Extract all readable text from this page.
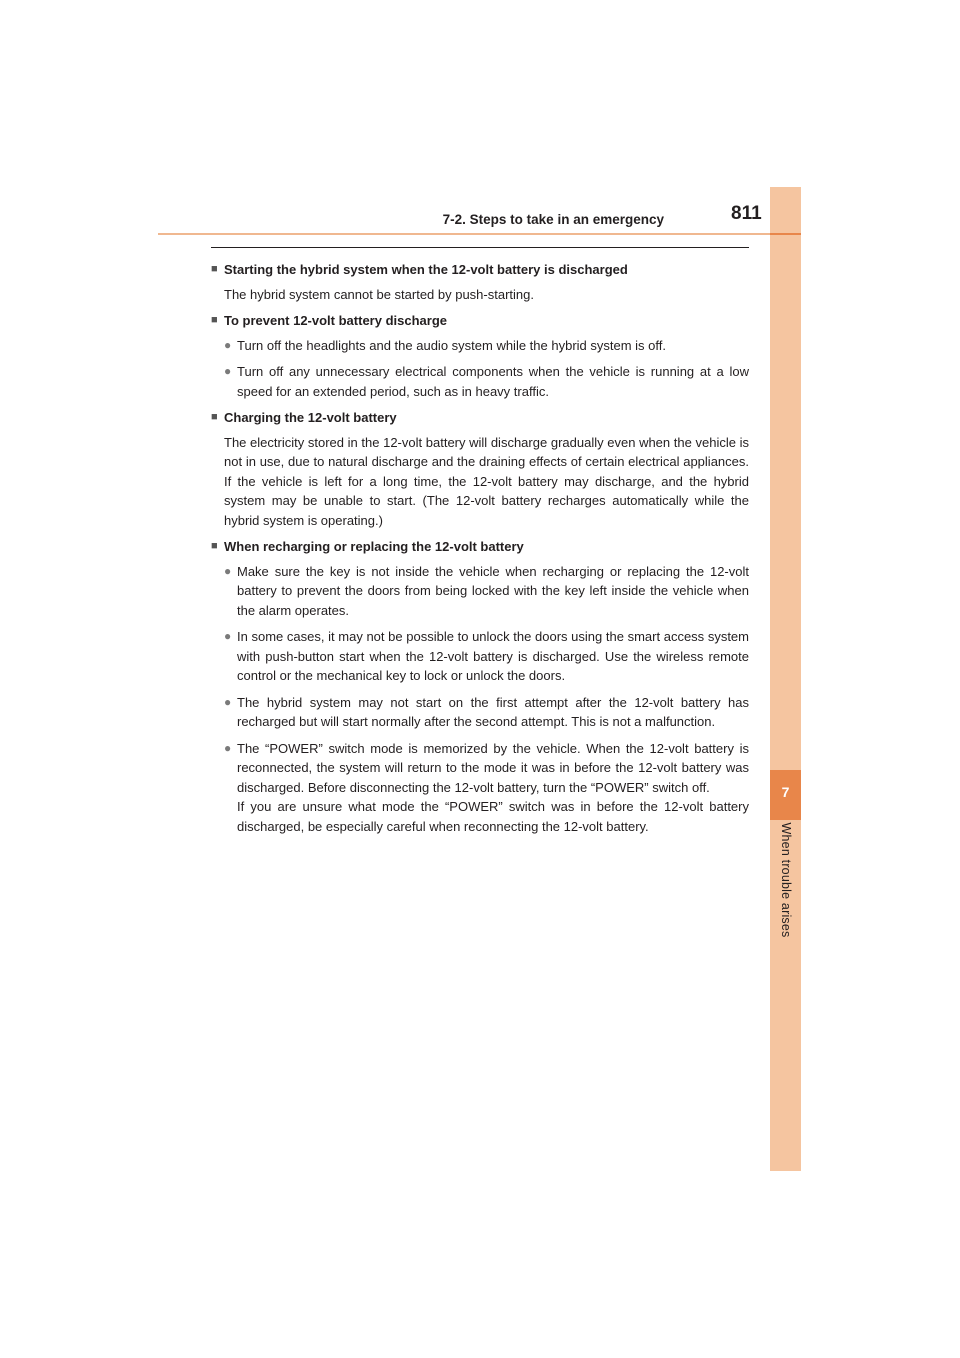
7
When trouble arises
7-2. Steps to take in an emergency	811
■ Starting the hybrid system when the 12-volt battery is discharged
The hybrid system cannot be started by push-starting.
■ To prevent 12-volt battery discharge
● Turn off the headlights and the audio system while the hybrid system is off.
● Turn off any unnecessary electrical components when the vehicle is running at a low speed for an extended period, such as in heavy traffic.
■ Charging the 12-volt battery
The electricity stored in the 12-volt battery will discharge gradually even when the vehicle is not in use, due to natural discharge and the draining effects of certain electrical appliances. If the vehicle is left for a long time, the 12-volt battery may discharge, and the hybrid system may be unable to start. (The 12-volt battery recharges automatically while the hybrid system is operating.)
■ When recharging or replacing the 12-volt battery
● Make sure the key is not inside the vehicle when recharging or replacing the 12-volt battery to prevent the doors from being locked with the key left inside the vehicle when the alarm operates.
● In some cases, it may not be possible to unlock the doors using the smart access system with push-button start when the 12-volt battery is discharged. Use the wireless remote control or the mechanical key to lock or unlock the doors.
● The hybrid system may not start on the first attempt after the 12-volt battery has recharged but will start normally after the second attempt. This is not a malfunction.
● The “POWER” switch mode is memorized by the vehicle. When the 12-volt battery is reconnected, the system will return to the mode it was in before the 12-volt battery was discharged. Before disconnecting the 12-volt battery, turn the “POWER” switch off.
If you are unsure what mode the “POWER” switch was in before the 12-volt battery discharged, be especially careful when reconnecting the 12-volt battery.
